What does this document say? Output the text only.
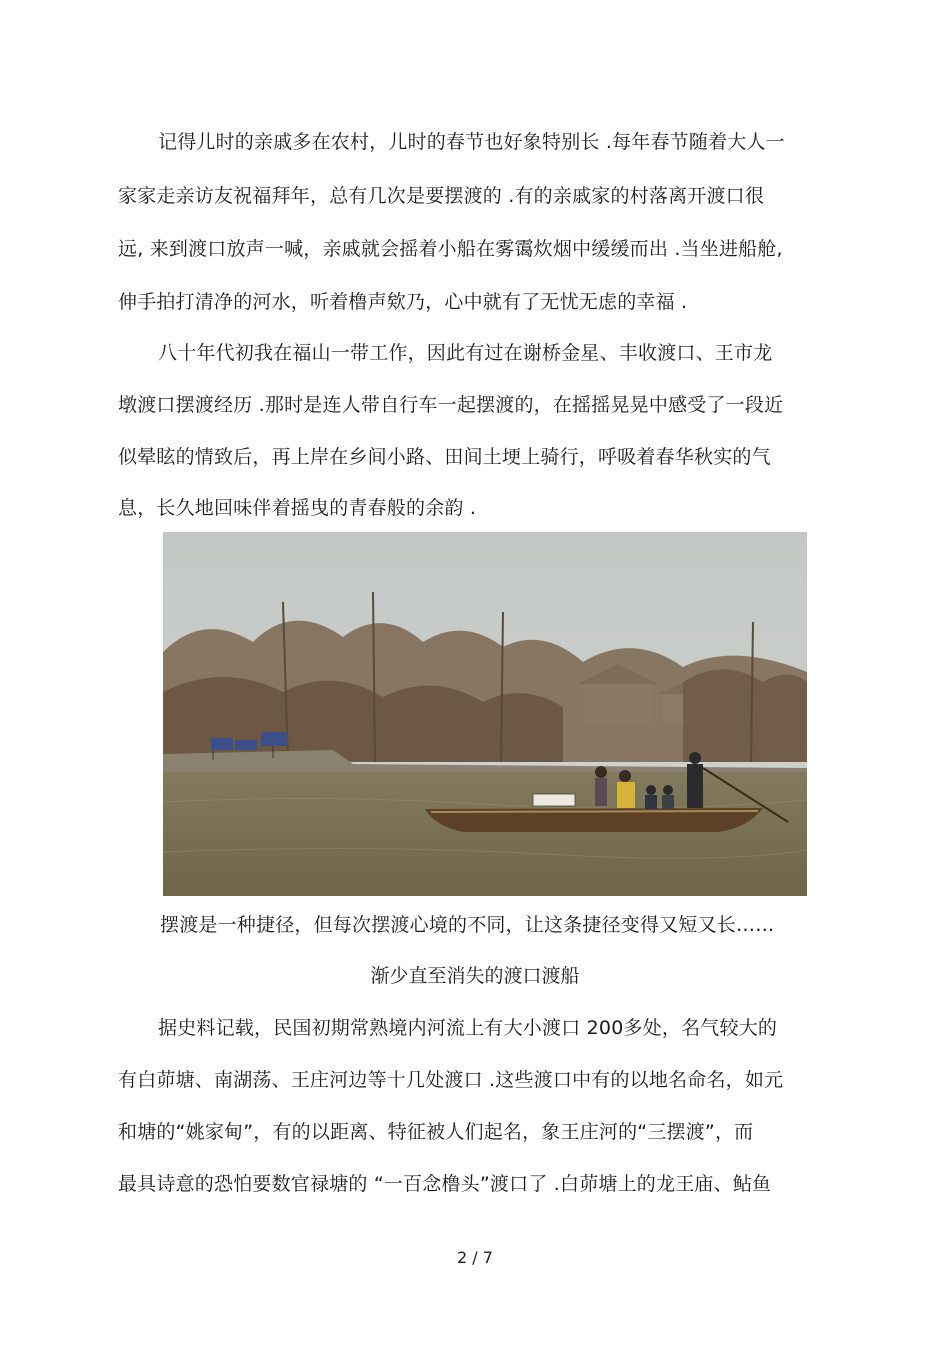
记得儿时的亲戚多在农村，儿时的春节也好象特别长 .每年春节随着大人一
家家走亲访友祝福拜年，总有几次是要摆渡的 .有的亲戚家的村落离开渡口很
远, 来到渡口放声一喊，亲戚就会摇着小船在雾霭炊烟中缓缓而出 .当坐进船舱,
伸手拍打清净的河水，听着橹声欸乃，心中就有了无忧无虑的幸福 .
八十年代初我在福山一带工作，因此有过在谢桥金星、丰收渡口、王市龙
墩渡口摆渡经历 .那时是连人带自行车一起摆渡的，在摇摇晃晃中感受了一段近
似晕眩的情致后，再上岸在乡间小路、田间土埂上骑行，呼吸着春华秋实的气
息，长久地回味伴着摇曳的青春般的余韵 .
摆渡是一种捷径，但每次摆渡心境的不同，让这条捷径变得又短又长……
渐少直至消失的渡口渡船
据史料记载，民国初期常熟境内河流上有大小渡口 200多处，名气较大的
有白茆塘、南湖荡、王庄河边等十几处渡口 .这些渡口中有的以地名命名，如元
和塘的“姚家甸”，有的以距离、特征被人们起名，象王庄河的“三摆渡”，而
最具诗意的恐怕要数官禄塘的 “一百念橹头”渡口了 .白茆塘上的龙王庙、鲇鱼
2 / 7
